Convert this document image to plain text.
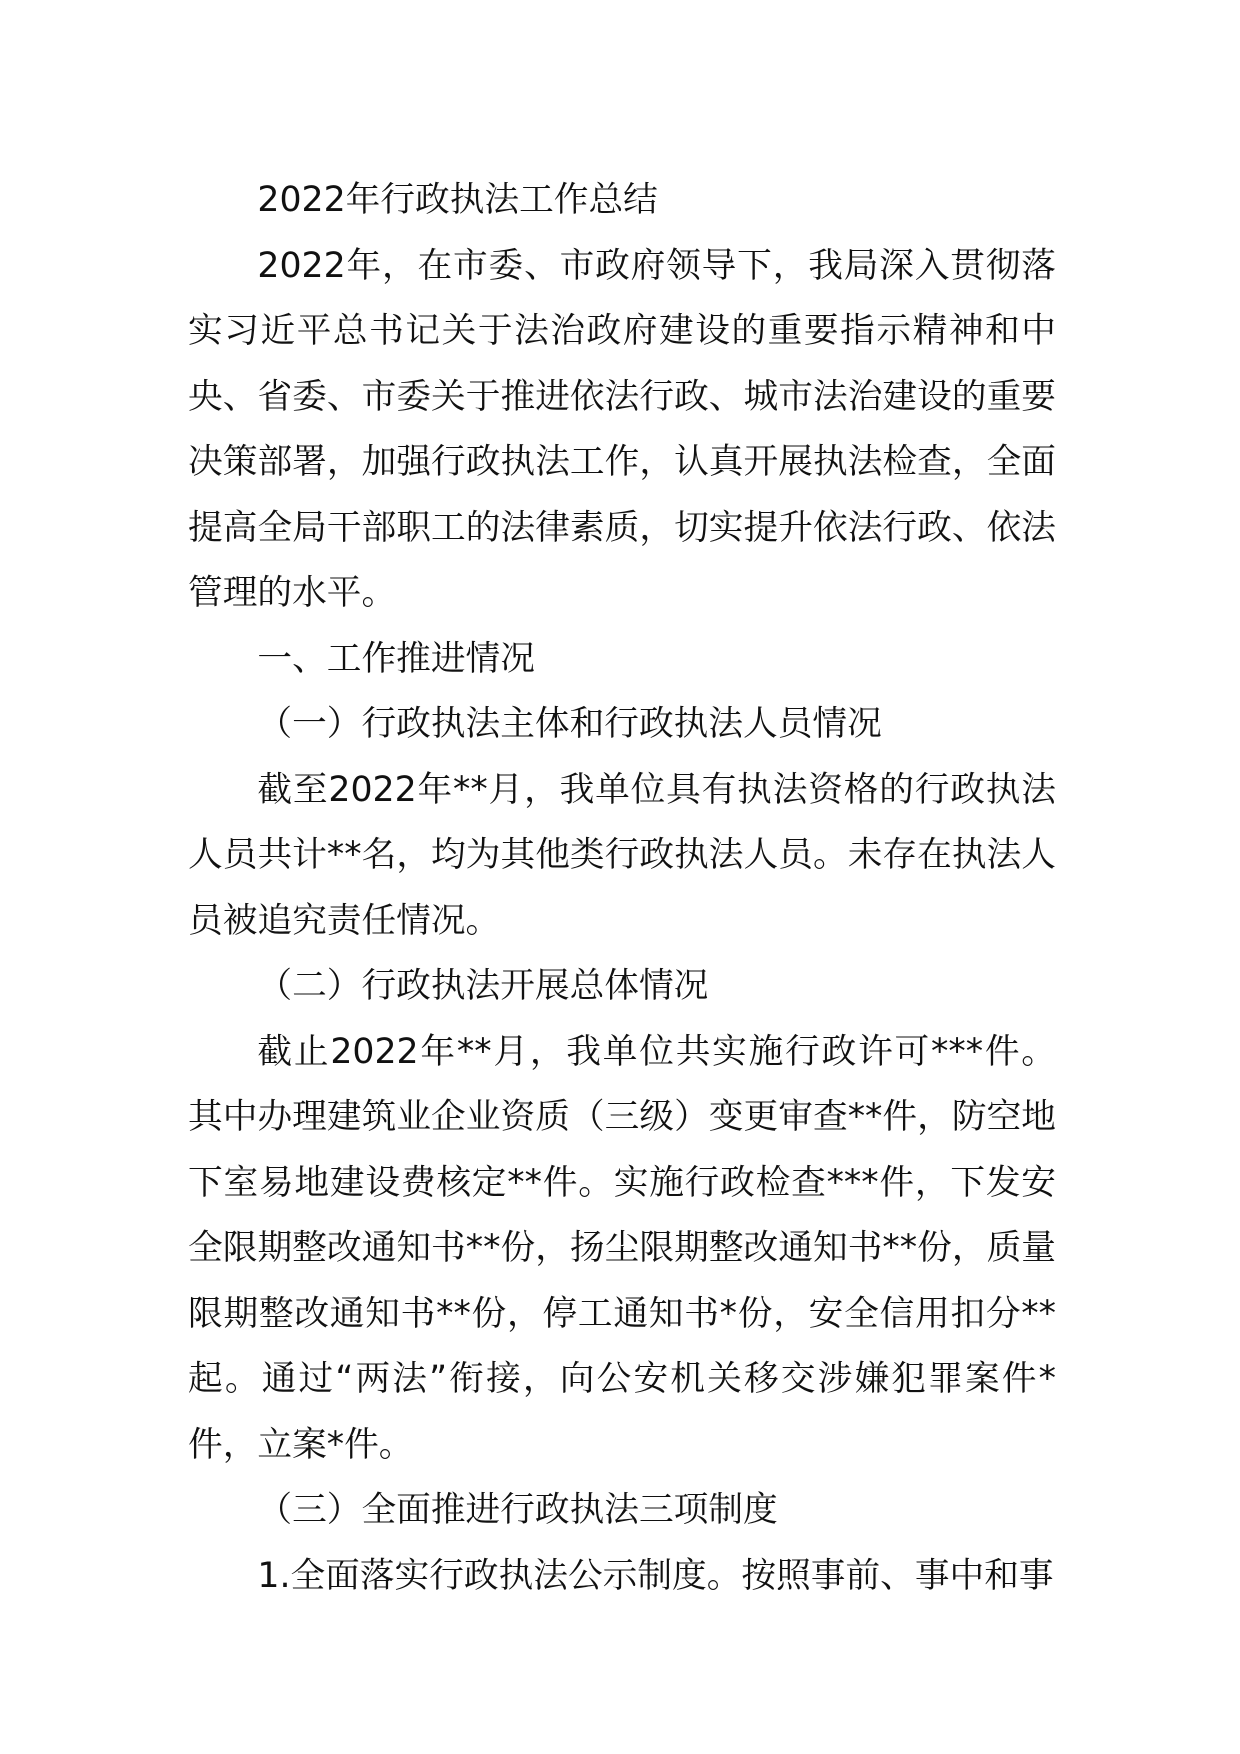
2022年行政执法工作总结

2022年，在市委、市政府领导下，我局深入贯彻落实习近平总书记关于法治政府建设的重要指示精神和中央、省委、市委关于推进依法行政、城市法治建设的重要决策部署，加强行政执法工作，认真开展执法检查，全面提高全局干部职工的法律素质，切实提升依法行政、依法管理的水平。

一、工作推进情况

（一）行政执法主体和行政执法人员情况

截至2022年**月，我单位具有执法资格的行政执法人员共计**名，均为其他类行政执法人员。未存在执法人员被追究责任情况。

（二）行政执法开展总体情况

截止2022年**月，我单位共实施行政许可***件。其中办理建筑业企业资质（三级）变更审查**件，防空地下室易地建设费核定**件。实施行政检查***件，下发安全限期整改通知书**份，扬尘限期整改通知书**份，质量限期整改通知书**份，停工通知书*份，安全信用扣分**起。通过“两法”衔接，向公安机关移交涉嫌犯罪案件*件，立案*件。

（三）全面推进行政执法三项制度

1.全面落实行政执法公示制度。按照事前、事中和事
